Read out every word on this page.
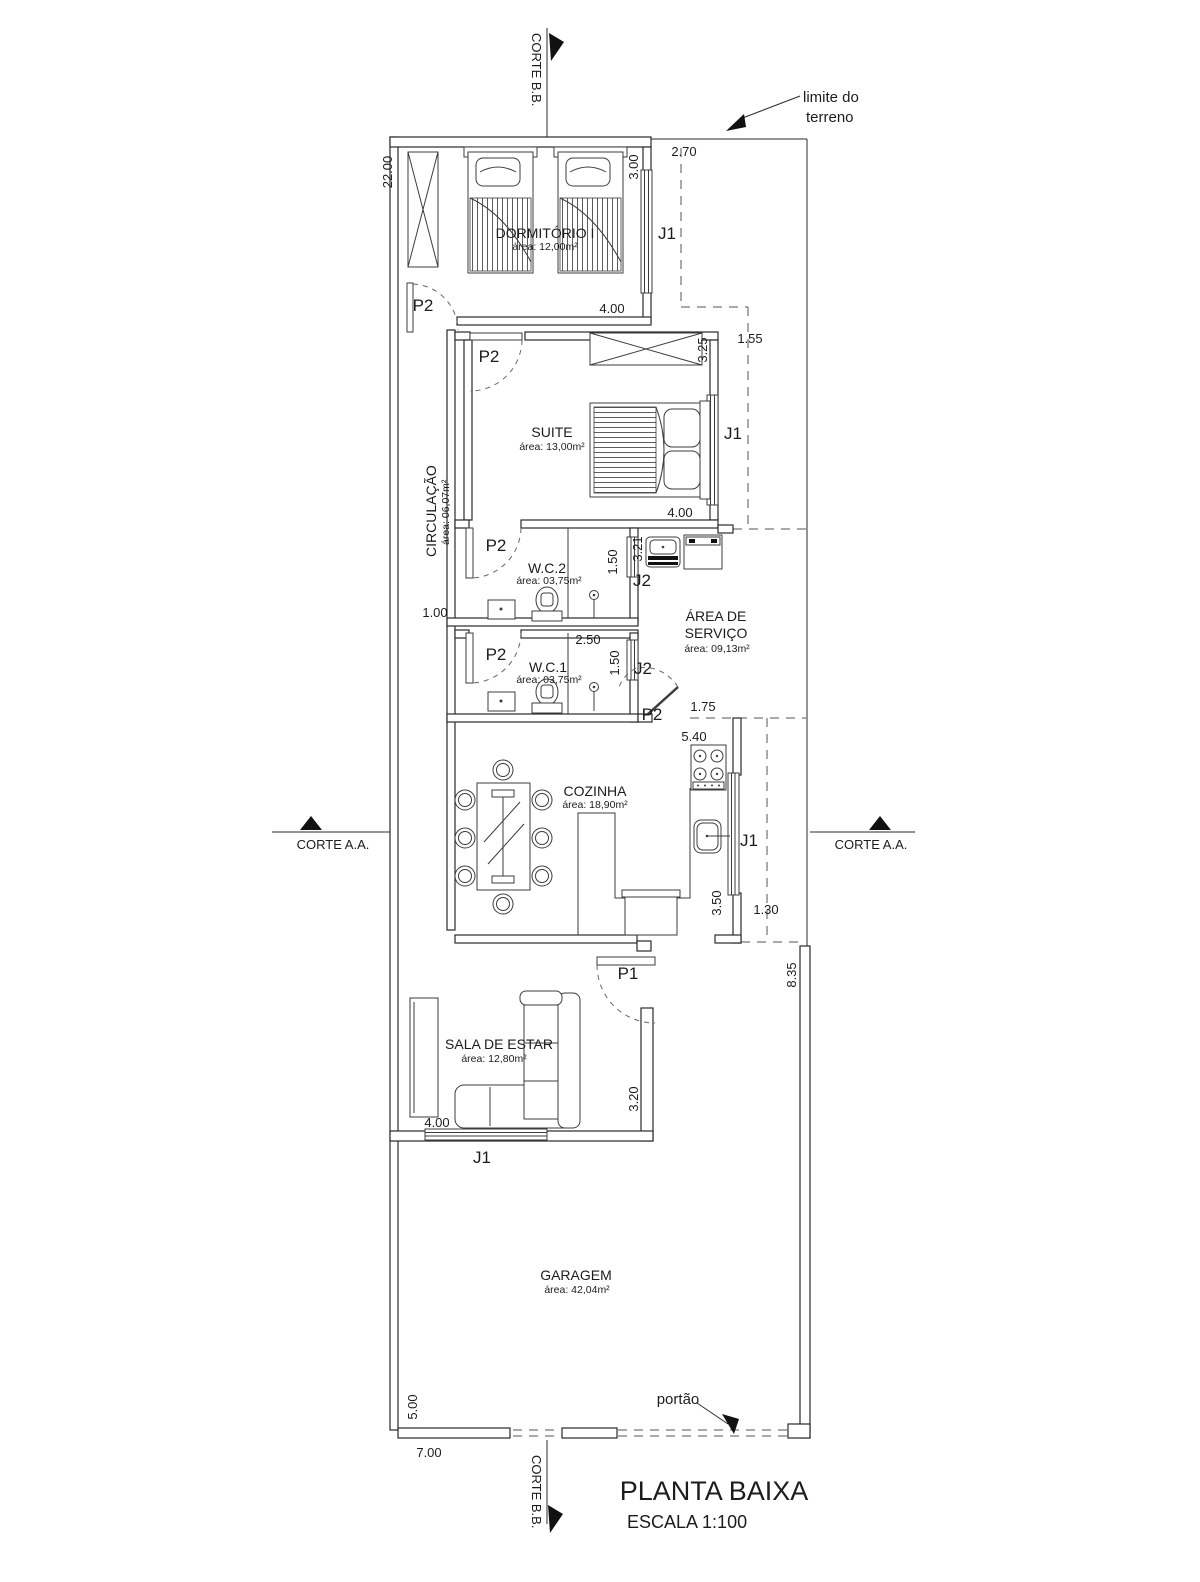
CORTE B.B.
CORTE B.B.
CORTE A.A.	CORTE A.A.
limite do
terreno
portão
DORMITÓRIO I
área: 12,00m²
SUITE
área: 13,00m²
CIRCULAÇÃO área: 06,07m²
W.C.2
área: 03,75m²
W.C.1
área: 03,75m²
ÁREA DE
SERVIÇO
área: 09,13m²
COZINHA
área: 18,90m²
SALA DE ESTAR
área: 12,80m²
GARAGEM
área: 42,04m²
P2
P2
P2
P2
P2
P1
J1
J1
J1
J1
J2
J2
2.70
4.00
1.55
4.00
1.00
2.50
1.75
5.40
1.30
4.00
7.00
22.00	3.00
3.25
1.50
3.21
1.50
3.50
8.35
3.20
5.00
PLANTA BAIXA
ESCALA 1:100
